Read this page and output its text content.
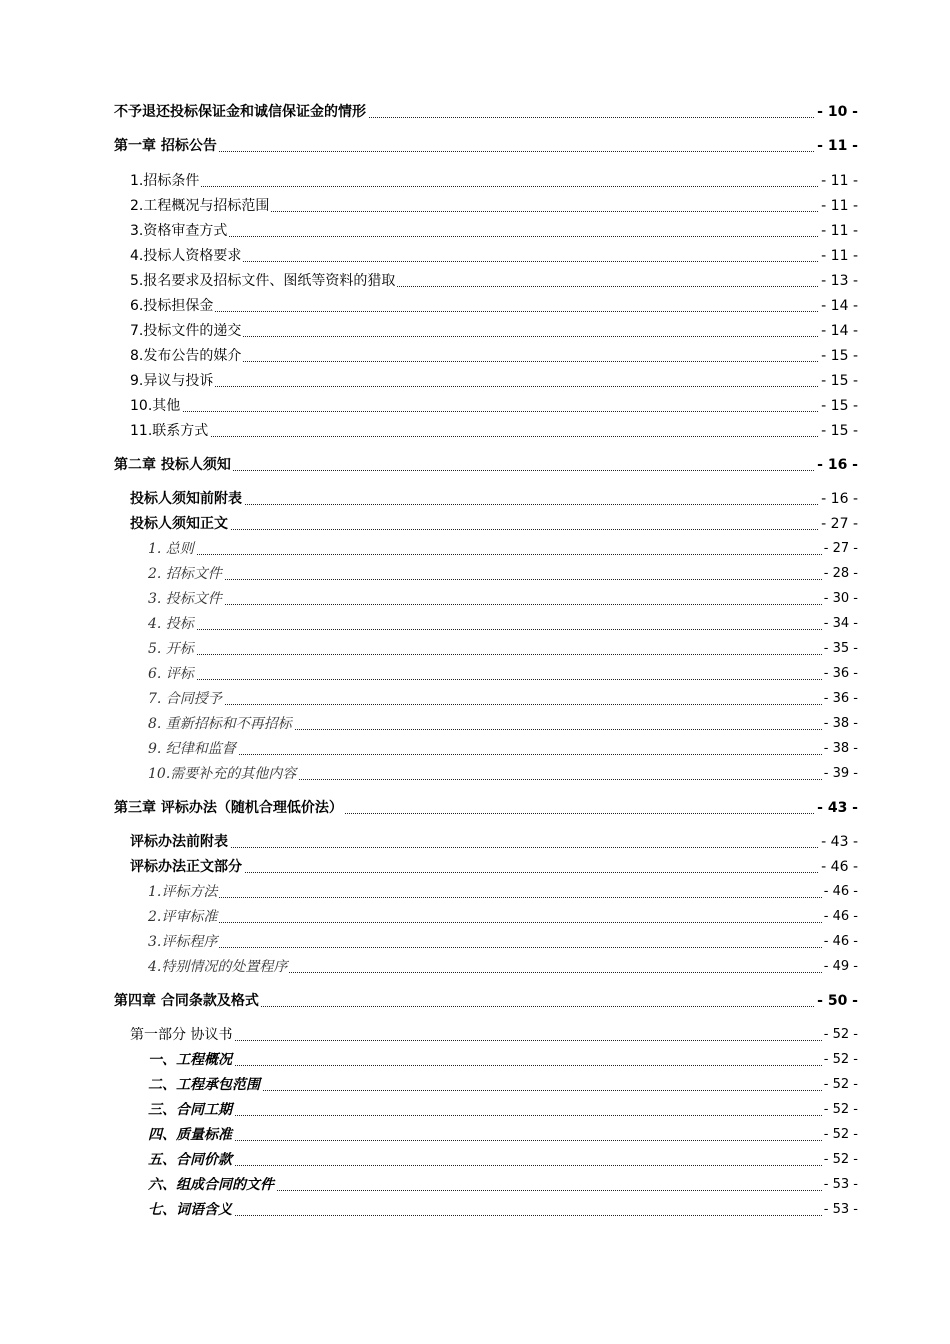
不予退还投标保证金和诚信保证金的情形	- 10 -
第一章 招标公告	- 11 -
1.招标条件	- 11 -
2.工程概况与招标范围	- 11 -
3.资格审查方式	- 11 -
4.投标人资格要求	- 11 -
5.报名要求及招标文件、图纸等资料的猎取	- 13 -
6.投标担保金	- 14 -
7.投标文件的递交	- 14 -
8.发布公告的媒介	- 15 -
9.异议与投诉	- 15 -
10.其他	- 15 -
11.联系方式	- 15 -
第二章 投标人须知	- 16 -
投标人须知前附表	- 16 -
投标人须知正文	- 27 -
1. 总则	- 27 -
2. 招标文件	- 28 -
3. 投标文件	- 30 -
4. 投标	- 34 -
5. 开标	- 35 -
6. 评标	- 36 -
7. 合同授予	- 36 -
8. 重新招标和不再招标	- 38 -
9. 纪律和监督	- 38 -
10.需要补充的其他内容	- 39 -
第三章 评标办法（随机合理低价法）	- 43 -
评标办法前附表	- 43 -
评标办法正文部分	- 46 -
1.评标方法	- 46 -
2.评审标准	- 46 -
3.评标程序	- 46 -
4.特别情况的处置程序	- 49 -
第四章 合同条款及格式	- 50 -
第一部分 协议书	- 52 -
一、工程概况	- 52 -
二、工程承包范围	- 52 -
三、合同工期	- 52 -
四、质量标准	- 52 -
五、合同价款	- 52 -
六、组成合同的文件	- 53 -
七、词语含义	- 53 -
